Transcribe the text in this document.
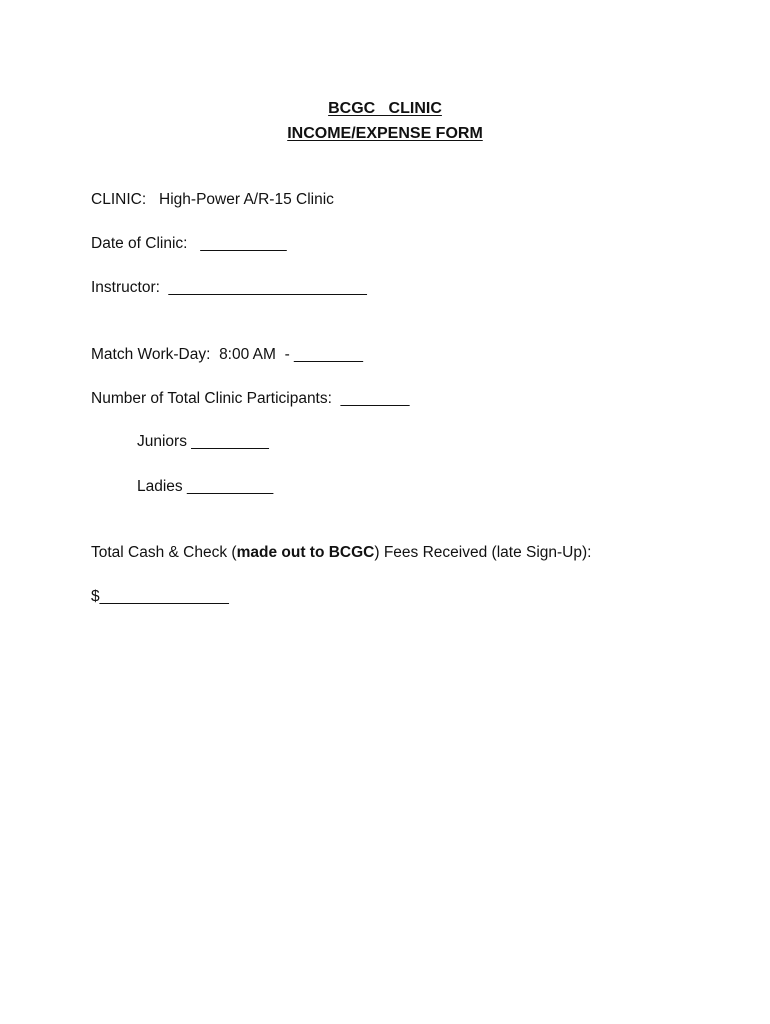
BCGC   CLINIC
INCOME/EXPENSE FORM
CLINIC: High-Power A/R-15 Clinic
Date of Clinic: __________
Instructor: _______________________
Match Work-Day: 8:00 AM - ________
Number of Total Clinic Participants: ________
Juniors _________
Ladies __________
Total Cash & Check (made out to BCGC) Fees Received (late Sign-Up):
$_______________
